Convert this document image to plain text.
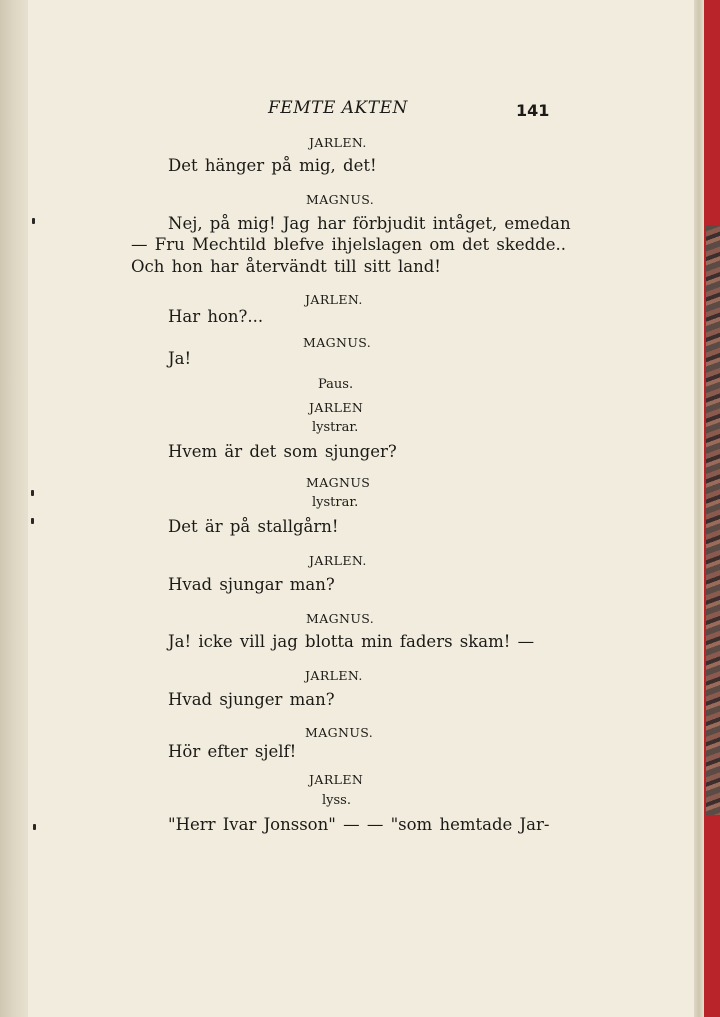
FEMTE AKTEN	141
JARLEN.
Det hänger på mig, det!
MAGNUS.
Nej, på mig! Jag har förbjudit intåget, emedan
— Fru Mechtild blefve ihjelslagen om det skedde..
Och hon har återvändt till sitt land!
JARLEN.
Har hon?...
MAGNUS.
Ja!
Paus.
JARLEN
lystrar.
Hvem är det som sjunger?
MAGNUS
lystrar.
Det är på stallgårn!
JARLEN.
Hvad sjungar man?
MAGNUS.
Ja! icke vill jag blotta min faders skam! —
JARLEN.
Hvad sjunger man?
MAGNUS.
Hör efter sjelf!
JARLEN
lyss.
"Herr Ivar Jonsson" — — "som hemtade Jar-
